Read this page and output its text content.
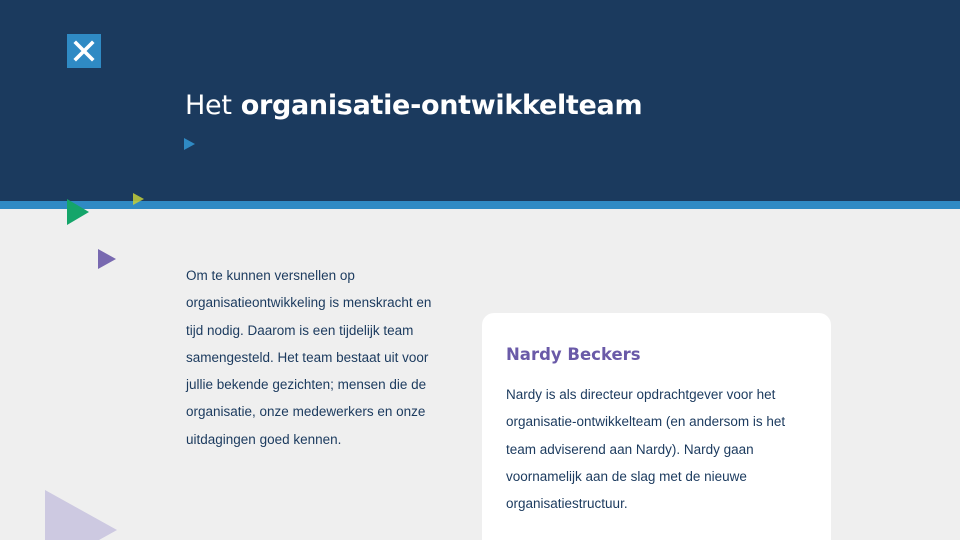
Het organisatie-ontwikkelteam

Om te kunnen versnellen op organisatieontwikkeling is menskracht en tijd nodig. Daarom is een tijdelijk team samengesteld. Het team bestaat uit voor jullie bekende gezichten; mensen die de organisatie, onze medewerkers en onze uitdagingen goed kennen.

Nardy Beckers

Nardy is als directeur opdrachtgever voor het organisatie-ontwikkelteam (en andersom is het team adviserend aan Nardy). Nardy gaan voornamelijk aan de slag met de nieuwe organisatiestructuur.
